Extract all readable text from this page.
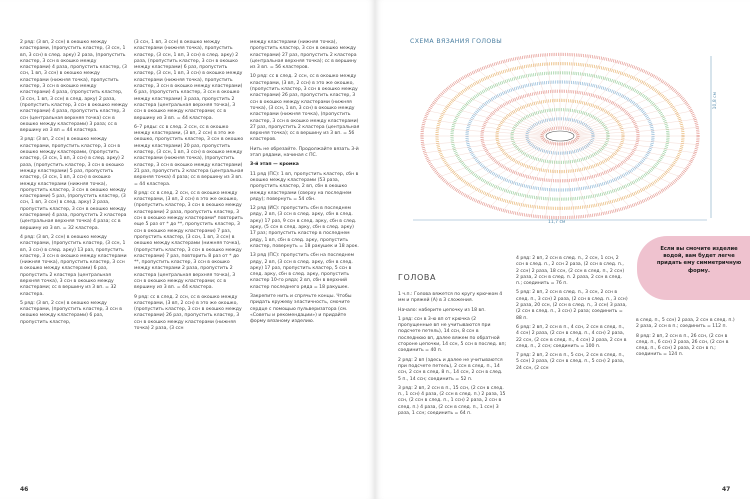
2 ряд: (3 вп, 2 ссн) в окошко между кластерами, (пропустить кластер, (3 ссн, 1 вп, 3 ссн) в след. арку) 2 раза, (пропустить кластер, 3 ссн в окошко между кластерами) 4 раза, пропустить кластер, (3 ссн, 1 вп, 3 ссн) в окошко между кластерами (нижняя точка), пропустить кластер, 3 ссн в окошко между кластерами) 4 раза, (пропустить кластер, (3 ссн, 1 вп, 3 ссн) в след. арку) 2 раза, (пропустить кластер, 3 ссн в окошко между кластерами) 4 раза, пропустить кластер, 3 ссн (центральная верхняя точка) ссн в окошко между кластерами) 3 раза; сс в вершину из 3 вп = 44 кластера.

3 ряд: (3 вп, 2 ссн) в окошко между кластерами, пропустить кластер, 3 ссн в окошко между кластерами, (пропустить кластер, (3 ссн, 1 вп, 3 ссн) в след. арку) 2 раза, (пропустить кластер, 3 ссн в окошко между кластерами) 5 раз, пропустить кластер, (3 ссн, 1 вп, 3 ссн) в окошко между кластерами (нижняя точка), пропустить кластер, 3 ссн в окошко между кластерами) 5 раз, (пропустить кластер, (3 ссн, 1 вп, 3 ссн) в след. арку) 2 раза, пропустить кластер, 3 ссн в окошко между кластерами) 4 раза, пропустить 2 кластера (центральная верхняя точка) 4 раза; сс в вершину из 3 вп. = 32 кластера.

4 ряд: (3 вп, 2 ссн) в окошко между кластерами, (пропустить кластер, (3 ссн, 1 вп, 3 ссн) в след. арку) 13 раз, пропустить кластер, 3 ссн в окошко между кластерами (нижняя точка), пропустить кластер, 3 ссн в окошко между кластерами) 6 раз, пропустить 2 кластера (центральная верхняя точка), 3 ссн в окошко между кластерами; сс в вершину из 3 вп. = 32 кластера.

5 ряд: (3 вп, 2 ссн) в окошко между кластерами, (пропустить кластер, 3 ссн в окошко между кластерами) 6 раз, пропустить кластер,

(3 ссн, 1 вп, 3 ссн) в окошко между кластерами (нижняя точка), пропустить кластер, (3 ссн, 1 вп, 3 ссн) в след. арку) 2 раза, (пропустить кластер, 3 ссн в окошко между кластерами) 6 раз, пропустить кластер, (3 ссн, 1 вп, 3 ссн) в окошко между кластерами (нижняя точка), пропустить кластер, 3 ссн в окошко между кластерами) 6 раз, (пропустить кластер, 3 ссн в окошко между кластерами) 3 раза, пропустить 2 кластера (центральная верхняя точка), 3 ссн в окошко между кластерами; сс в вершину из 3 вп. = 44 кластера.

6–7 ряды: сс в след. 2 ссн, сс в окошко между кластерами, (3 вп, 2 ссн) в это же окошко, пропустить кластер, 3 ссн в окошко между кластерами) 20 раз, пропустить кластер, (3 ссн, 1 вп, 3 ссн) в окошко между кластерами (нижняя точка), (пропустить кластер, 3 ссн в окошко между кластерами) 21 раз, пропустить 2 кластера (центральная верхняя точка) 4 раза; сс в вершину из 3 вп. = 44 кластера.

8 ряд: сс в след. 2 ссн, сс в окошко между кластерами, (3 вп, 2 ссн) в это же окошко, (пропустить кластер, 3 ссн в окошко между кластерами) 2 раза, пропустить кластер, 3 ссн в окошко между кластерами* повторить еще 5 раз от * до **, пропустить кластер, 3 ссн в окошко между кластерами) 7 раз, пропустить кластер, (3 ссн, 1 вп, 3 ссн) в окошко между кластерами (нижняя точка), (пропустить кластер, 3 ссн в окошко между кластерами) 7 раз, повторить 8 раз от * до **, пропустить кластер, 3 ссн в окошко между кластерами 2 раза, пропустить 2 кластера (центральная верхняя точка), 3 ссн в окошко между кластерами; сс в вершину из 3 вп. = 44 кластера.

9 ряд: сс в след. 2 ссн, сс в окошко между кластерами, (3 вп, 2 ссн) в это же окошко, (пропустить кластер, 3 ссн в окошко между кластерами) 26 раз, пропустить кластер, 3 ссн в окошко между кластерами (нижняя точка) 2 раза, (3 ссн

между кластерами (нижняя точка), пропустить кластер, 3 ссн в окошко между кластерами) 27 раз, пропустить 2 кластера (центральная верхняя точка); сс в вершину из 3 вп. = 56 кластеров.

10 ряд: сс в след. 2 ссн, сс в окошко между кластерами, (3 вп, 2 ссн) в это же окошко, (пропустить кластер, 3 ссн в окошко между кластерами) 26 раз, пропустить кластер, 3 ссн в окошко между кластерами (нижняя точка), (3 ссн, 1 вп, 3 ссн) в окошко между кластерами (нижняя точка), (пропустить кластер, 3 ссн в окошко между кластерами) 27 раз, пропустить 2 кластера (центральная верхняя точка); сс в вершину из 3 вп. = 56 кластеров.

Нить не обрезайте. Продолжайте вязать 3-й этап рядами, начиная с ПС.

3-й этап — кромка

11 ряд (ПС): 1 вп, пропустить кластер, сбн в окошко между кластерами (53 раза, пропустить кластер, 2 вп, сбн в окошко между кластерами (сверху на последнем ряду); повернуть = 54 сбн.

12 ряд (ИС): пропустить сбн в последнем ряду, 2 вп, (3 ссн в след. арку, сбн в след. арку) 17 раз, 9 ссн в след. арку, сбн в след. арку, (5 ссн в след. арку, сбн в след. арку) 17 раз; пропустить кластер в последнем ряду, 1 вп, сбн в след. арку, пропустить кластер, повернуть = 18 ракушек и 18 арок.

13 ряд (ПС): пропустить сбн на последнем ряду, 2 вп, (3 ссн в след. арку, сбн в след. арку) 17 раз, пропустить кластер, 5 ссн в след. арку, сбн в след. арку, пропустить кластер 10-го ряда; 2 вп, сбн в верхний кластер последнего ряда = 18 ракушек.

Закрепите нить и спрячьте концы. Чтобы придать кружеву эластичность, смочите сердце с помощью пульверизатора (см. «Советы и рекомендации») и придайте форму вязаному изделию.

46
СХЕМА ВЯЗАНИЯ ГОЛОВЫ
11,7 см
10,8 см
ГОЛОВА

1 ч.п.: Голова вяжется по кругу крючком 4 мм и пряжей (А) в 3 сложения.

Начало: наберите цепочку из 18 вп.

1 ряд: ссн в 3-ю вп от крючка (2 пропущенные вп не учитываются при подсчете петель), 14 ссн, 8 ссн в последнюю вп, далее вяжем по обратной стороне цепочки, 14 ссн, 5 ссн в послед. вп; соединить = 40 п.

2 ряд: 2 вп (здесь и далее не учитываются при подсчете петель), 2 ссн в след. п., 14 ссн, 2 ссн в след. 8 п., 14 ссн, 2 ссн в след. 5 п., 14 ссн; соединить = 52 п.

3 ряд: 2 вп, 2 ссн в п., 15 ссн, (2 ссн в след. п., 1 ссн) 4 раза, (2 ссн в след. п.) 2 раза, 15 ссн, (2 ссн в след. п., 1 ссн) 2 раза, 2 ссн в след. п.) 4 раза, (2 ссн в след. п., 1 ссн) 3 раза, 1 ссн; соединить = 64 п.

4 ряд: 2 вп, 2 ссн в след. п., 2 ссн, 1 ссн, 2 ссн в след. п., 2 ссн 2 раза, (2 ссн в след. п., 2 ссн) 2 раза, 18 ссн, (2 ссн в след. п., 2 ссн) 2 раза, 2 ссн в след. п. 2 раза, 2 ссн в след. п.; соединить = 76 п.

5 ряд: 2 вп, 2 ссн в след. п., 3 ссн, 2 ссн в след. п., 3 ссн) 2 раза, (2 ссн в след. п., 3 ссн) 2 раза, 20 ссн, (2 ссн в след. п., 3 ссн) 3 раза, (2 ссн в след. п., 3 ссн) 2 раза; соединить = 88 п.

6 ряд: 2 вп, 2 ссн в п., 4 ссн, 2 ссн в след. п., 4 ссн) 2 раза, (2 ссн в след. п., 4 ссн) 2 раза, 22 ссн, (2 ссн в след. п., 4 ссн) 2 раза, 2 ссн в след. п., 2 ссн; соединить = 100 п.

7 ряд: 2 вп, 2 ссн в п., 5 ссн, 2 ссн в след. п., 5 ссн) 2 раза, (2 ссн в след. п., 5 ссн) 2 раза, 24 ссн, (2 ссн

в след. п., 5 ссн) 2 раза, 2 ссн в след. п.) 2 раза, 2 ссн в п.; соединить = 112 п.

8 ряд: 2 вп, 2 ссн в п., 26 ссн, (2 ссн в след. п., 6 ссн) 2 раза, 26 ссн, (2 ссн в след. п., 6 ссн) 2 раза, 2 ссн в п.; соединить = 124 п.

Если вы смочите изделие водой, вам будет легче придать ему симметричную форму.
47
